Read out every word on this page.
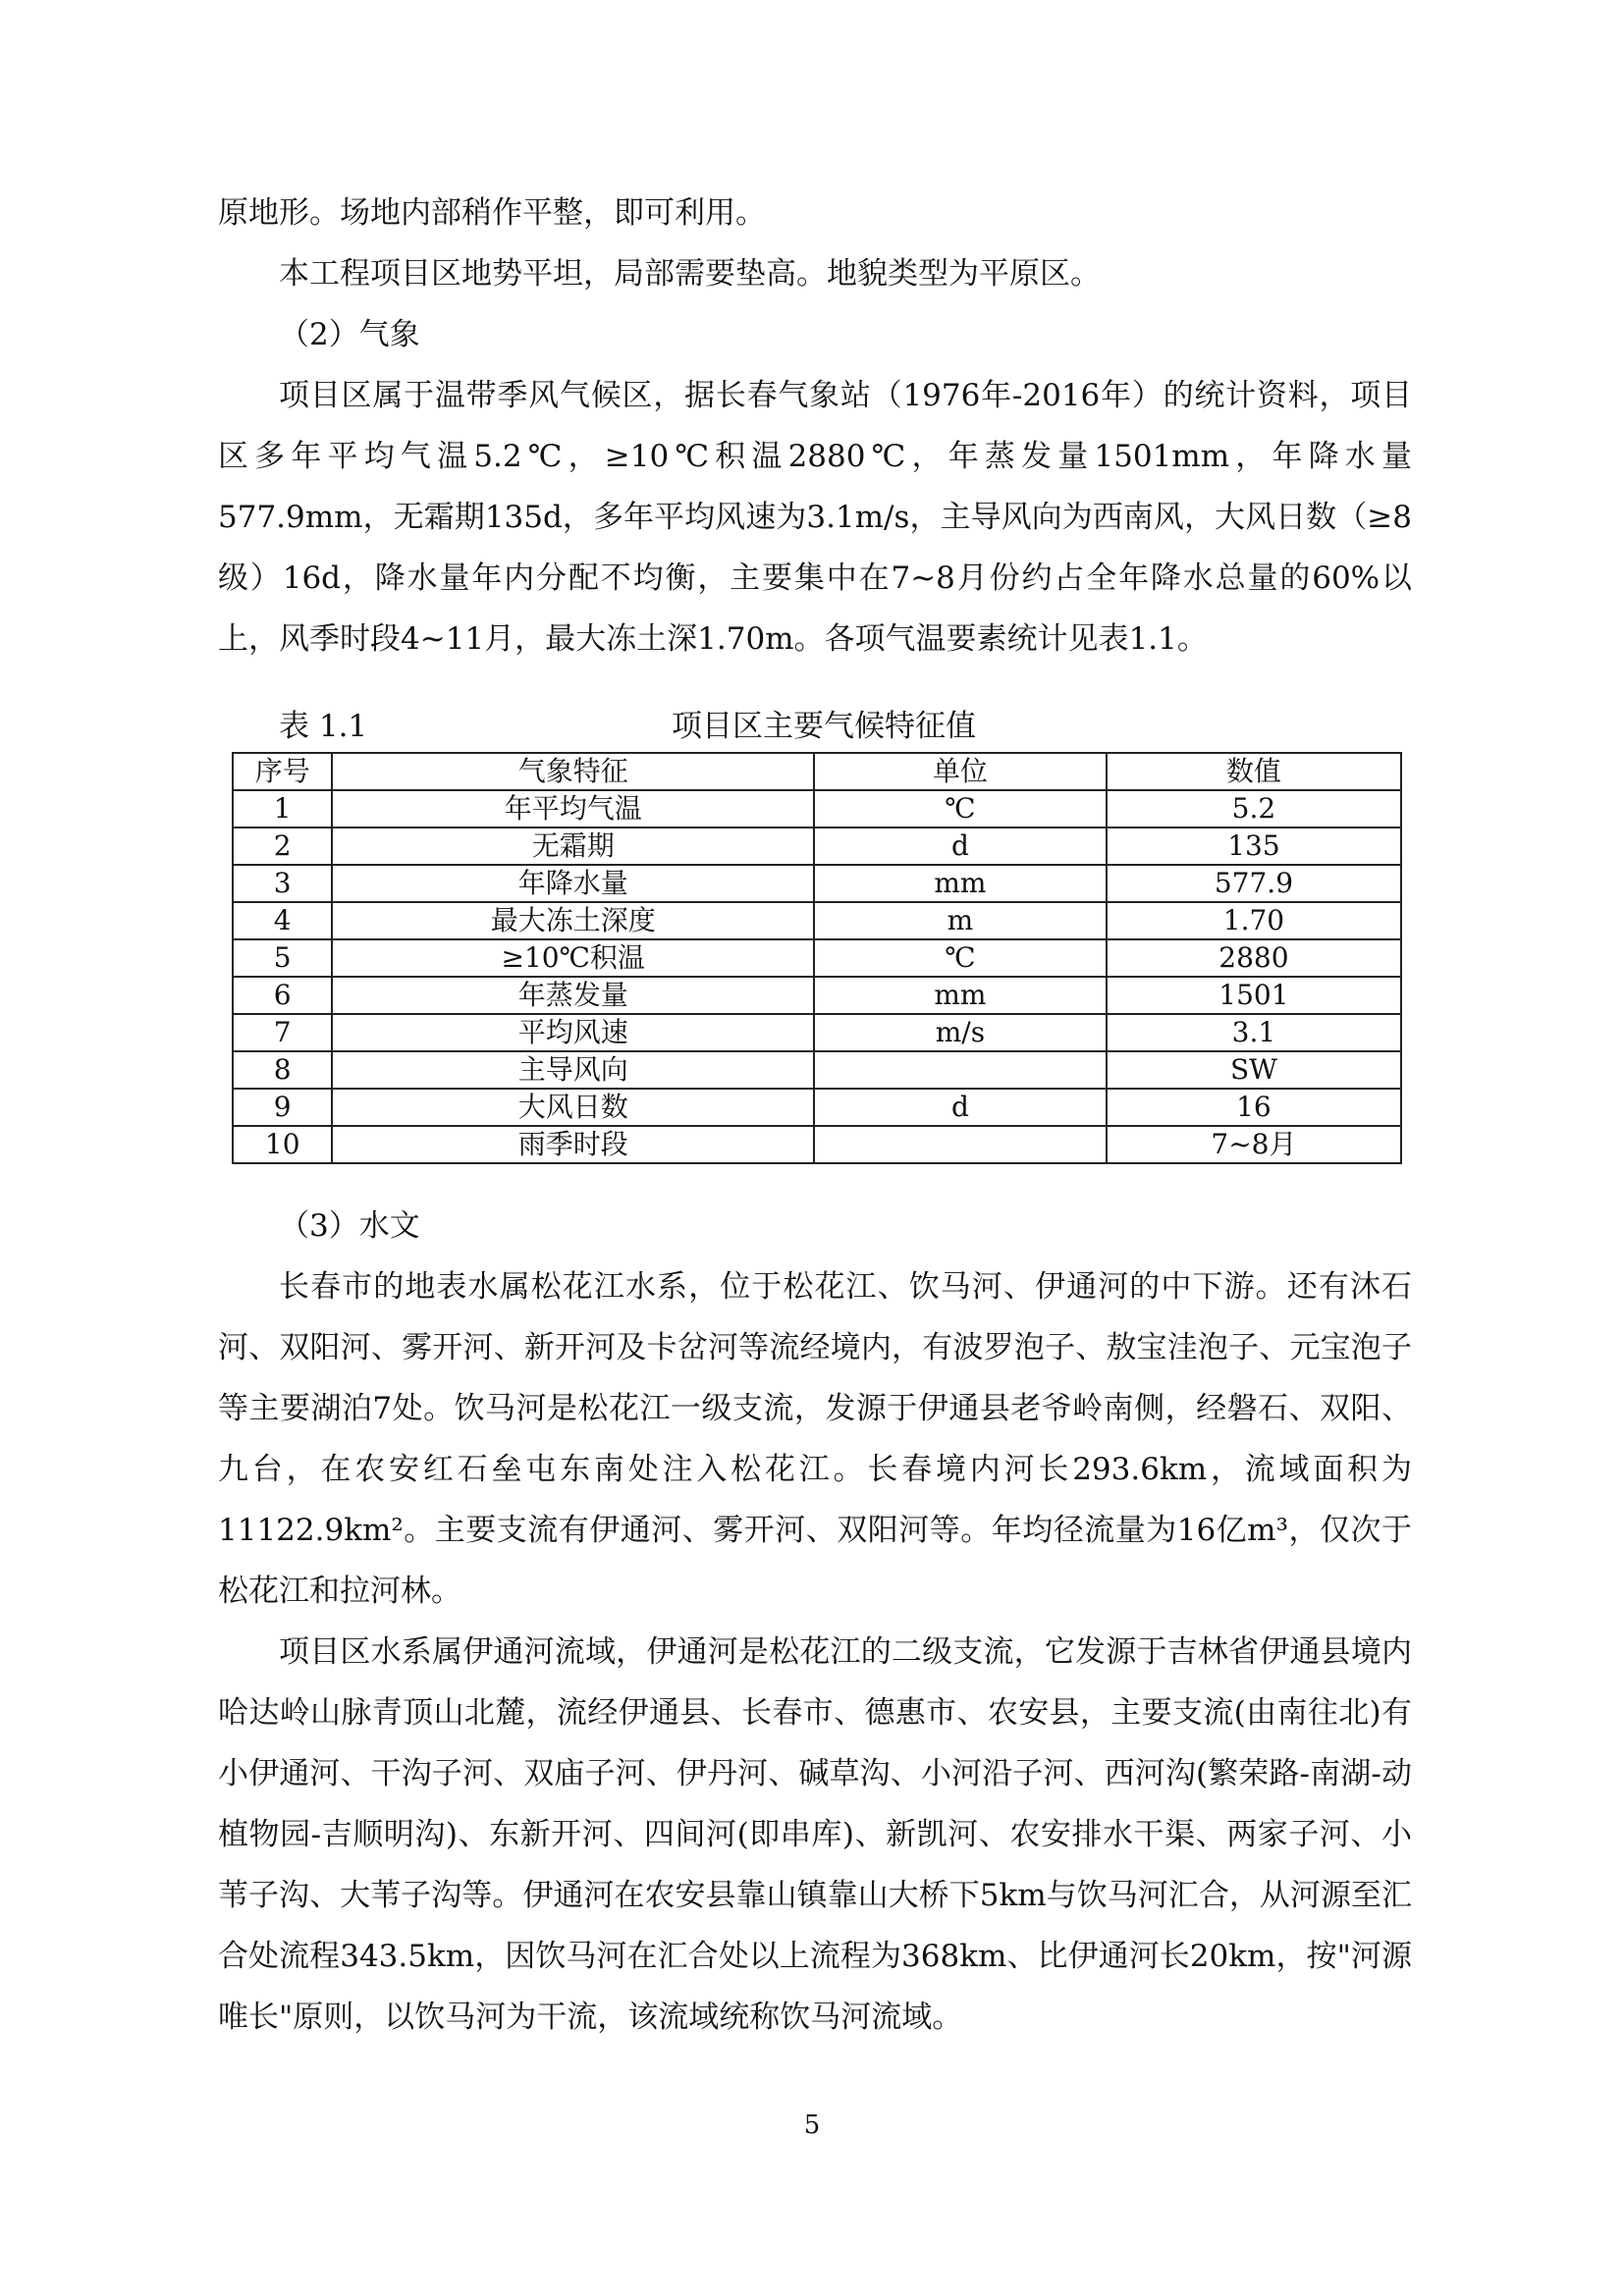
原地形。场地内部稍作平整，即可利用。

本工程项目区地势平坦，局部需要垫高。地貌类型为平原区。

（2）气象

项目区属于温带季风气候区，据长春气象站（1976年-2016年）的统计资料，项目区多年平均气温5.2℃，≥10℃积温2880℃，年蒸发量1501mm，年降水量577.9mm，无霜期135d，多年平均风速为3.1m/s，主导风向为西南风，大风日数（≥8级）16d，降水量年内分配不均衡，主要集中在7~8月份约占全年降水总量的60%以上，风季时段4~11月，最大冻土深1.70m。各项气温要素统计见表1.1。

表 1.1	项目区主要气候特征值
序号	气象特征	单位	数值
1	年平均气温	℃	5.2
2	无霜期	d	135
3	年降水量	mm	577.9
4	最大冻土深度	m	1.70
5	≥10℃积温	℃	2880
6	年蒸发量	mm	1501
7	平均风速	m/s	3.1
8	主导风向		SW
9	大风日数	d	16
10	雨季时段		7~8月

（3）水文

长春市的地表水属松花江水系，位于松花江、饮马河、伊通河的中下游。还有沐石河、双阳河、雾开河、新开河及卡岔河等流经境内，有波罗泡子、敖宝洼泡子、元宝泡子等主要湖泊7处。饮马河是松花江一级支流，发源于伊通县老爷岭南侧，经磐石、双阳、九台，在农安红石垒屯东南处注入松花江。长春境内河长293.6km，流域面积为11122.9km²。主要支流有伊通河、雾开河、双阳河等。年均径流量为16亿m³，仅次于松花江和拉河林。

项目区水系属伊通河流域，伊通河是松花江的二级支流，它发源于吉林省伊通县境内哈达岭山脉青顶山北麓，流经伊通县、长春市、德惠市、农安县，主要支流(由南往北)有小伊通河、干沟子河、双庙子河、伊丹河、碱草沟、小河沿子河、西河沟(繁荣路-南湖-动植物园-吉顺明沟)、东新开河、四间河(即串库)、新凯河、农安排水干渠、两家子河、小苇子沟、大苇子沟等。伊通河在农安县靠山镇靠山大桥下5km与饮马河汇合，从河源至汇合处流程343.5km，因饮马河在汇合处以上流程为368km、比伊通河长20km，按"河源唯长"原则，以饮马河为干流，该流域统称饮马河流域。

5
